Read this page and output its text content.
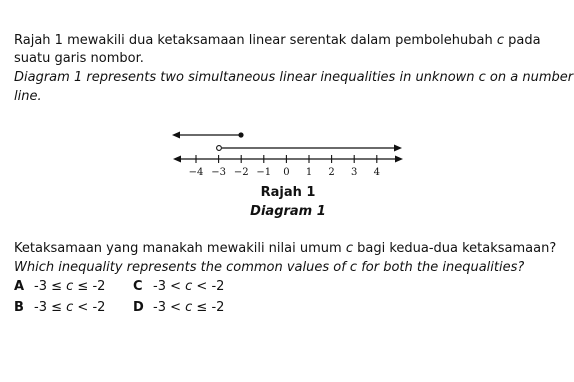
Rajah 1 mewakili dua ketaksamaan linear serentak dalam pembolehubah c pada
suatu garis nombor.
Diagram 1 represents two simultaneous linear inequalities in unknown c on a number
line.
−4 −3 −2 −1 0 1 2 3 4
Rajah 1
Diagram 1
Ketaksamaan yang manakah mewakili nilai umum c bagi kedua-dua ketaksamaan?
Which inequality represents the common values of c for both the inequalities?
A -3 ≤ c ≤ -2 C -3 < c < -2
B -3 ≤ c < -2 D -3 < c ≤ -2
